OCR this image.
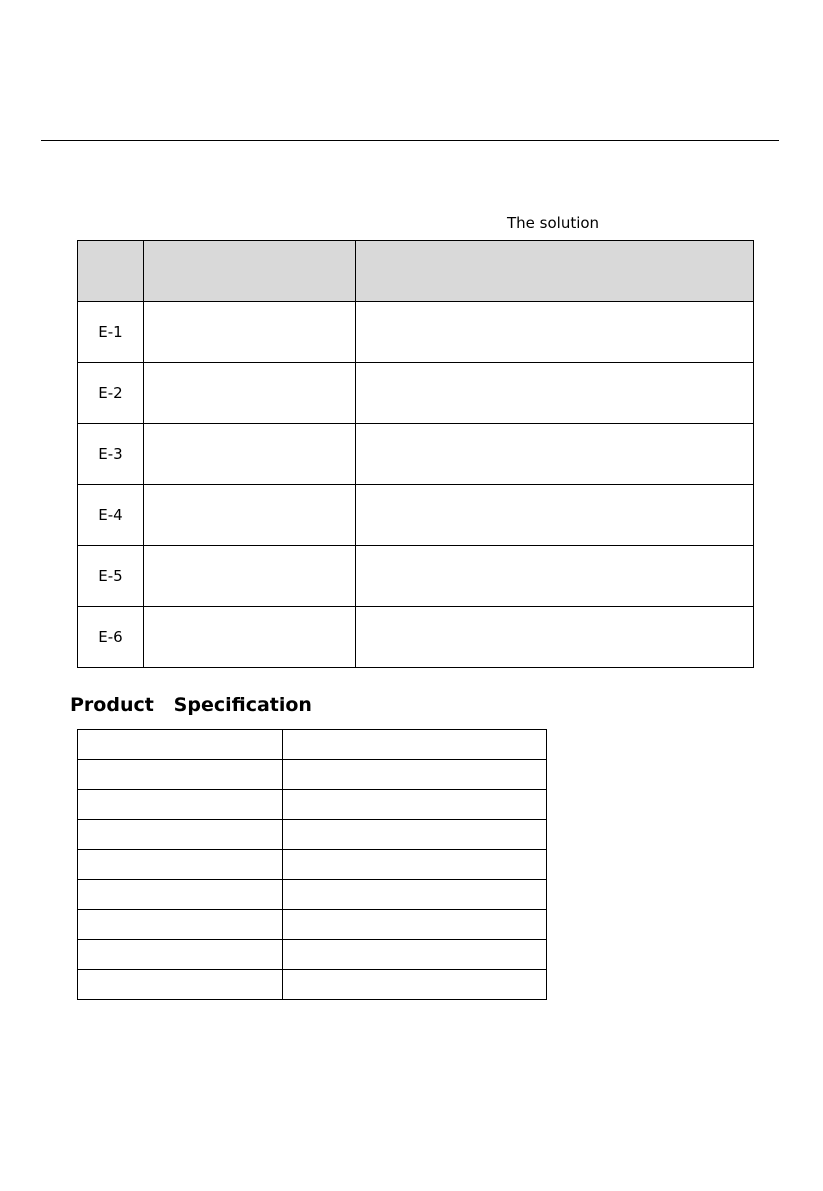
The solution

E-1		
E-2		
E-3		
E-4		
E-5		
E-6		
Product   Specification
